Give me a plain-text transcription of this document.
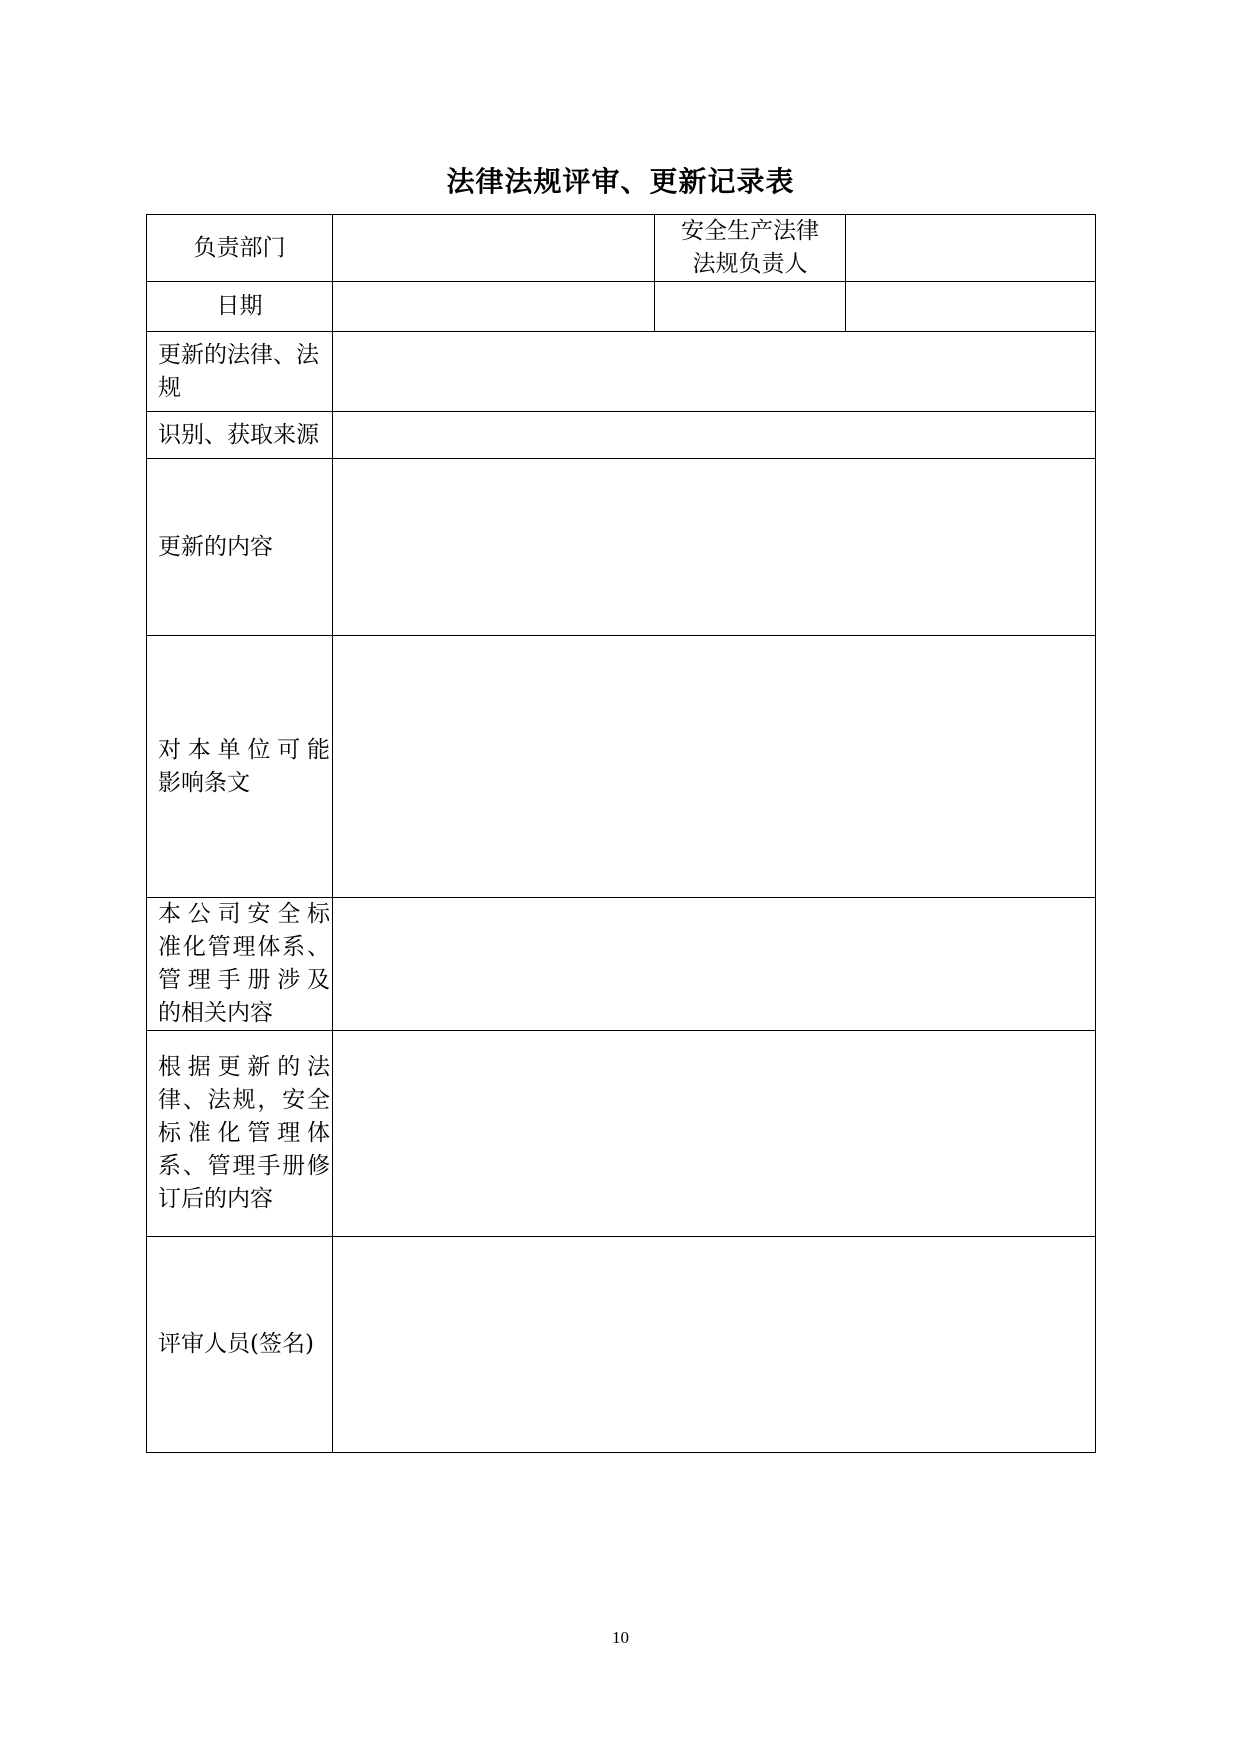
法律法规评审、更新记录表
负责部门		安全生产法律
法规负责人	

日期			

更新的法律、法
规			

识别、获取来源			
更新的内容			

对本单位可能
影响条文			

本公司安全标
准化管理体系、
管理手册涉及
的相关内容			

根据更新的法
律、法规，安全
标准化管理体
系、管理手册修
订后的内容			

评审人员(签名)			
10
